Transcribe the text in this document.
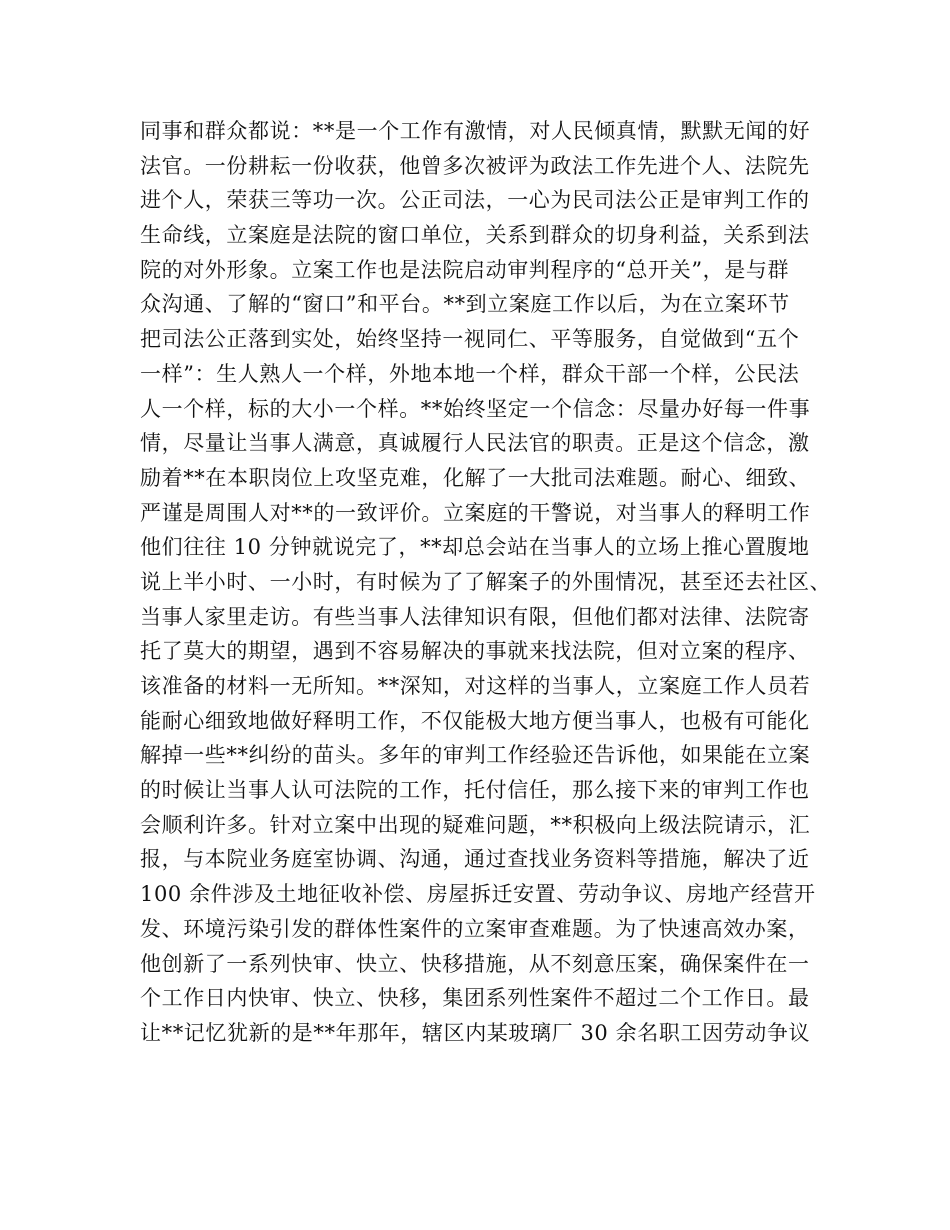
同事和群众都说：**是一个工作有激情，对人民倾真情，默默无闻的好
法官。一份耕耘一份收获，他曾多次被评为政法工作先进个人、法院先
进个人，荣获三等功一次。公正司法，一心为民司法公正是审判工作的
生命线，立案庭是法院的窗口单位，关系到群众的切身利益，关系到法
院的对外形象。立案工作也是法院启动审判程序的“总开关”，是与群
众沟通、了解的“窗口”和平台。**到立案庭工作以后，为在立案环节
把司法公正落到实处，始终坚持一视同仁、平等服务，自觉做到“五个
一样”：生人熟人一个样，外地本地一个样，群众干部一个样，公民法
人一个样，标的大小一个样。**始终坚定一个信念：尽量办好每一件事
情，尽量让当事人满意，真诚履行人民法官的职责。正是这个信念，激
励着**在本职岗位上攻坚克难，化解了一大批司法难题。耐心、细致、
严谨是周围人对**的一致评价。立案庭的干警说，对当事人的释明工作
他们往往 10 分钟就说完了，**却总会站在当事人的立场上推心置腹地
说上半小时、一小时，有时候为了了解案子的外围情况，甚至还去社区、
当事人家里走访。有些当事人法律知识有限，但他们都对法律、法院寄
托了莫大的期望，遇到不容易解决的事就来找法院，但对立案的程序、
该准备的材料一无所知。**深知，对这样的当事人，立案庭工作人员若
能耐心细致地做好释明工作，不仅能极大地方便当事人，也极有可能化
解掉一些**纠纷的苗头。多年的审判工作经验还告诉他，如果能在立案
的时候让当事人认可法院的工作，托付信任，那么接下来的审判工作也
会顺利许多。针对立案中出现的疑难问题，**积极向上级法院请示，汇
报，与本院业务庭室协调、沟通，通过查找业务资料等措施，解决了近
100 余件涉及土地征收补偿、房屋拆迁安置、劳动争议、房地产经营开
发、环境污染引发的群体性案件的立案审查难题。为了快速高效办案，
他创新了一系列快审、快立、快移措施，从不刻意压案，确保案件在一
个工作日内快审、快立、快移，集团系列性案件不超过二个工作日。最
让**记忆犹新的是**年那年，辖区内某玻璃厂 30 余名职工因劳动争议
